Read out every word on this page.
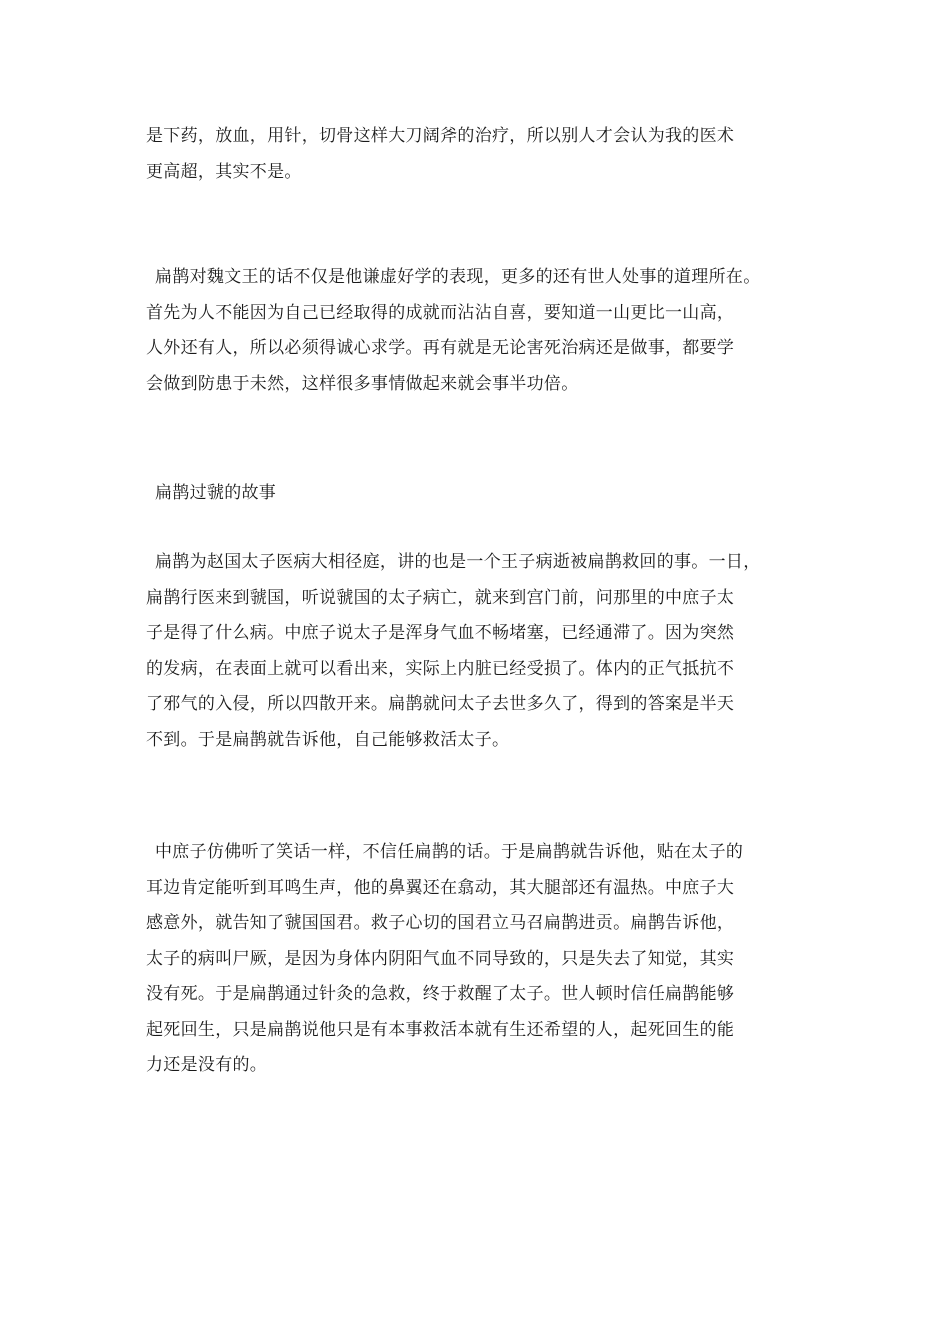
是下药，放血，用针，切骨这样大刀阔斧的治疗，所以别人才会认为我的医术
更高超，其实不是。
扁鹊对魏文王的话不仅是他谦虚好学的表现，更多的还有世人处事的道理所在。
首先为人不能因为自己已经取得的成就而沾沾自喜，要知道一山更比一山高，
人外还有人，所以必须得诚心求学。再有就是无论害死治病还是做事，都要学
会做到防患于未然，这样很多事情做起来就会事半功倍。
扁鹊过虢的故事
扁鹊为赵国太子医病大相径庭，讲的也是一个王子病逝被扁鹊救回的事。一日，
扁鹊行医来到虢国，听说虢国的太子病亡，就来到宫门前，问那里的中庶子太
子是得了什么病。中庶子说太子是浑身气血不畅堵塞，已经通滞了。因为突然
的发病，在表面上就可以看出来，实际上内脏已经受损了。体内的正气抵抗不
了邪气的入侵，所以四散开来。扁鹊就问太子去世多久了，得到的答案是半天
不到。于是扁鹊就告诉他，自己能够救活太子。
中庶子仿佛听了笑话一样，不信任扁鹊的话。于是扁鹊就告诉他，贴在太子的
耳边肯定能听到耳鸣生声，他的鼻翼还在翕动，其大腿部还有温热。中庶子大
感意外，就告知了虢国国君。救子心切的国君立马召扁鹊进贡。扁鹊告诉他，
太子的病叫尸厥，是因为身体内阴阳气血不同导致的，只是失去了知觉，其实
没有死。于是扁鹊通过针灸的急救，终于救醒了太子。世人顿时信任扁鹊能够
起死回生，只是扁鹊说他只是有本事救活本就有生还希望的人，起死回生的能
力还是没有的。
